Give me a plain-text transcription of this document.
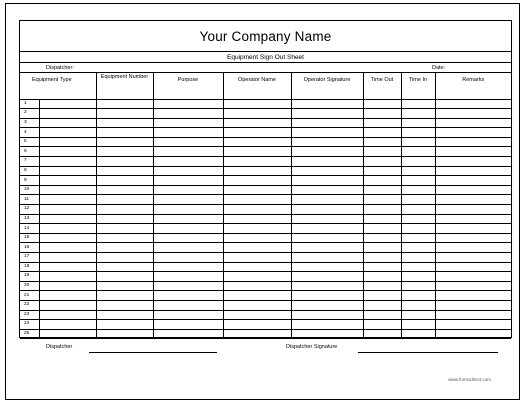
Your Company Name
Equipment Sign Out Sheet
Dispatcher:	Date:
Equipment Type		Equipment Number	Purpose	Operator Name	Operator Signature	Time Out	Time In	Remarks
1								
2								
3								
4								
5								
6								
7								
8								
9								
10								
11								
12								
13								
14								
15								
16								
17								
18								
19								
20								
21								
22								
23								
24								
25								
Dispatcher	Dispatcher Signature
www.formsdirect.com
